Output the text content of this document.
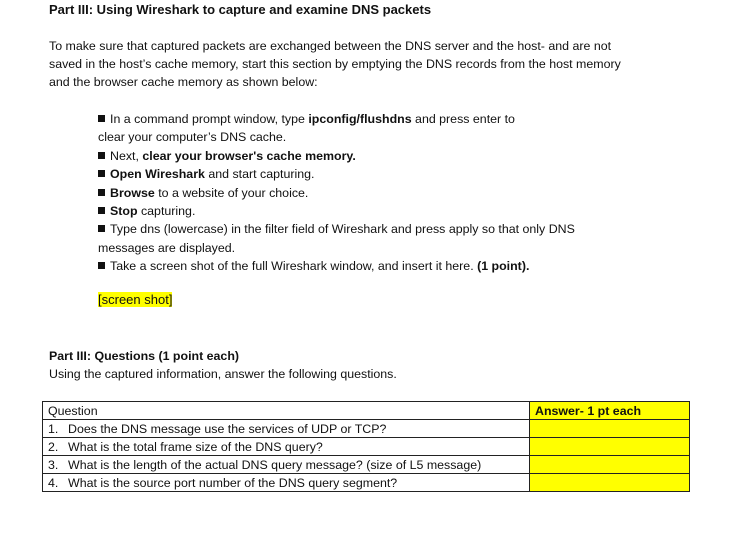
Part III: Using Wireshark to capture and examine DNS packets
To make sure that captured packets are exchanged between the DNS server and the host- and are not
saved in the host’s cache memory, start this section by emptying the DNS records from the host memory
and the browser cache memory as shown below:
In a command prompt window, type ipconfig/flushdns and press enter to
clear your computer’s DNS cache.
Next, clear your browser's cache memory.
Open Wireshark and start capturing.
Browse to a website of your choice.
Stop capturing.
Type dns (lowercase) in the filter field of Wireshark and press apply so that only DNS
messages are displayed.
Take a screen shot of the full Wireshark window, and insert it here. (1 point).
[screen shot]
Part III: Questions (1 point each)
Using the captured information, answer the following questions.
Question	Answer- 1 pt each
1. Does the DNS message use the services of UDP or TCP?	
2. What is the total frame size of the DNS query?	
3. What is the length of the actual DNS query message? (size of L5 message)	
4. What is the source port number of the DNS query segment?	
